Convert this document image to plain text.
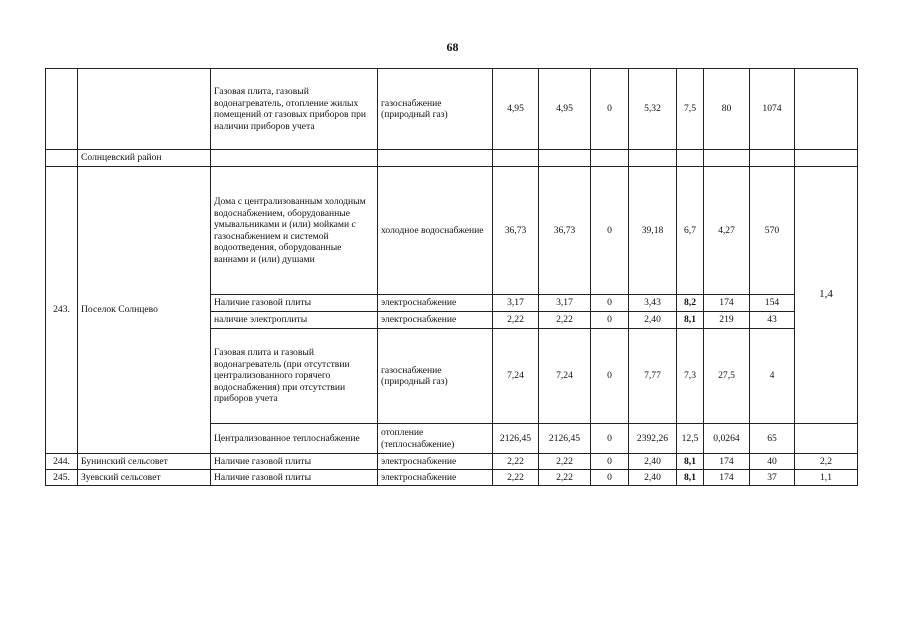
68
		Газовая плита, газовый водонагреватель, отопление жилых помещений от газовых приборов при наличии приборов учета	газоснабжение (природный газ)	4,95	4,95	0	5,32	7,5	80	1074	
	Солнцевский район										
243.	Поселок Солнцево	Дома с централизованным холодным водоснабжением, оборудованные умывальниками и (или) мойками с газоснабжением и системой водоотведения, оборудованные ваннами и (или) душами	холодное водоснабжение	36,73	36,73	0	39,18	6,7	4,27	570	1,4
		Наличие газовой плиты	электроснабжение	3,17	3,17	0	3,43	8,2	174	154	
		наличие электроплиты	электроснабжение	2,22	2,22	0	2,40	8,1	219	43	
		Газовая плита и газовый водонагреватель (при отсутствии централизованного горячего водоснабжения) при отсутствии приборов учета	газоснабжение (природный газ)	7,24	7,24	0	7,77	7,3	27,5	4	
		Централизованное теплоснабжение	отопление (теплоснабжение)	2126,45	2126,45	0	2392,26	12,5	0,0264	65	
244.	Бунинский сельсовет	Наличие газовой плиты	электроснабжение	2,22	2,22	0	2,40	8,1	174	40	2,2
245.	Зуевский сельсовет	Наличие газовой плиты	электроснабжение	2,22	2,22	0	2,40	8,1	174	37	1,1
